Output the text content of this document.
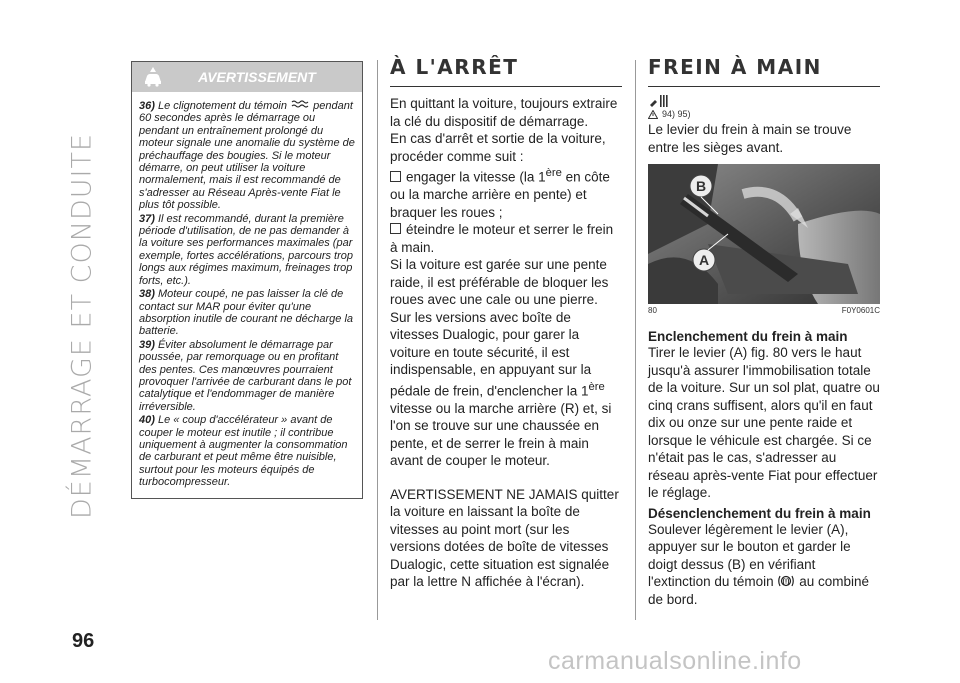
DÉMARRAGE ET CONDUITE
96
AVERTISSEMENT

36) Le clignotement du témoin pendant 60 secondes après le démarrage ou pendant un entraînement prolongé du moteur signale une anomalie du système de préchauffage des bougies. Si le moteur démarre, on peut utiliser la voiture normalement, mais il est recommandé de s'adresser au Réseau Après-vente Fiat le plus tôt possible.

37) Il est recommandé, durant la première période d'utilisation, de ne pas demander à la voiture ses performances maximales (par exemple, fortes accélérations, parcours trop longs aux régimes maximum, freinages trop forts, etc.).

38) Moteur coupé, ne pas laisser la clé de contact sur MAR pour éviter qu'une absorption inutile de courant ne décharge la batterie.

39) Éviter absolument le démarrage par poussée, par remorquage ou en profitant des pentes. Ces manœuvres pourraient provoquer l'arrivée de carburant dans le pot catalytique et l'endommager de manière irréversible.

40) Le « coup d'accélérateur » avant de couper le moteur est inutile ; il contribue uniquement à augmenter la consommation de carburant et peut même être nuisible, surtout pour les moteurs équipés de turbocompresseur.

À L'ARRÊT

En quittant la voiture, toujours extraire la clé du dispositif de démarrage.

En cas d'arrêt et sortie de la voiture, procéder comme suit :

engager la vitesse (la 1ère en côte ou la marche arrière en pente) et braquer les roues ;

éteindre le moteur et serrer le frein à main.

Si la voiture est garée sur une pente raide, il est préférable de bloquer les roues avec une cale ou une pierre.

Sur les versions avec boîte de vitesses Dualogic, pour garer la voiture en toute sécurité, il est indispensable, en appuyant sur la pédale de frein, d'enclencher la 1ère vitesse ou la marche arrière (R) et, si l'on se trouve sur une chaussée en pente, et de serrer le frein à main avant de couper le moteur.

AVERTISSEMENT NE JAMAIS quitter la voiture en laissant la boîte de vitesses au point mort (sur les versions dotées de boîte de vitesses Dualogic, cette situation est signalée par la lettre N affichée à l'écran).

FREIN À MAIN
94) 95)

Le levier du frein à main se trouve entre les sièges avant.

B
A
80	F0Y0601C
Enclenchement du frein à main

Tirer le levier (A) fig. 80 vers le haut jusqu'à assurer l'immobilisation totale de la voiture. Sur un sol plat, quatre ou cinq crans suffisent, alors qu'il en faut dix ou onze sur une pente raide et lorsque le véhicule est chargée. Si ce n'était pas le cas, s'adresser au réseau après-vente Fiat pour effectuer le réglage.

Désenclenchement du frein à main

Soulever légèrement le levier (A), appuyer sur le bouton et garder le doigt dessus (B) en vérifiant l'extinction du témoin (!) au combiné de bord.

carmanualsonline.info
